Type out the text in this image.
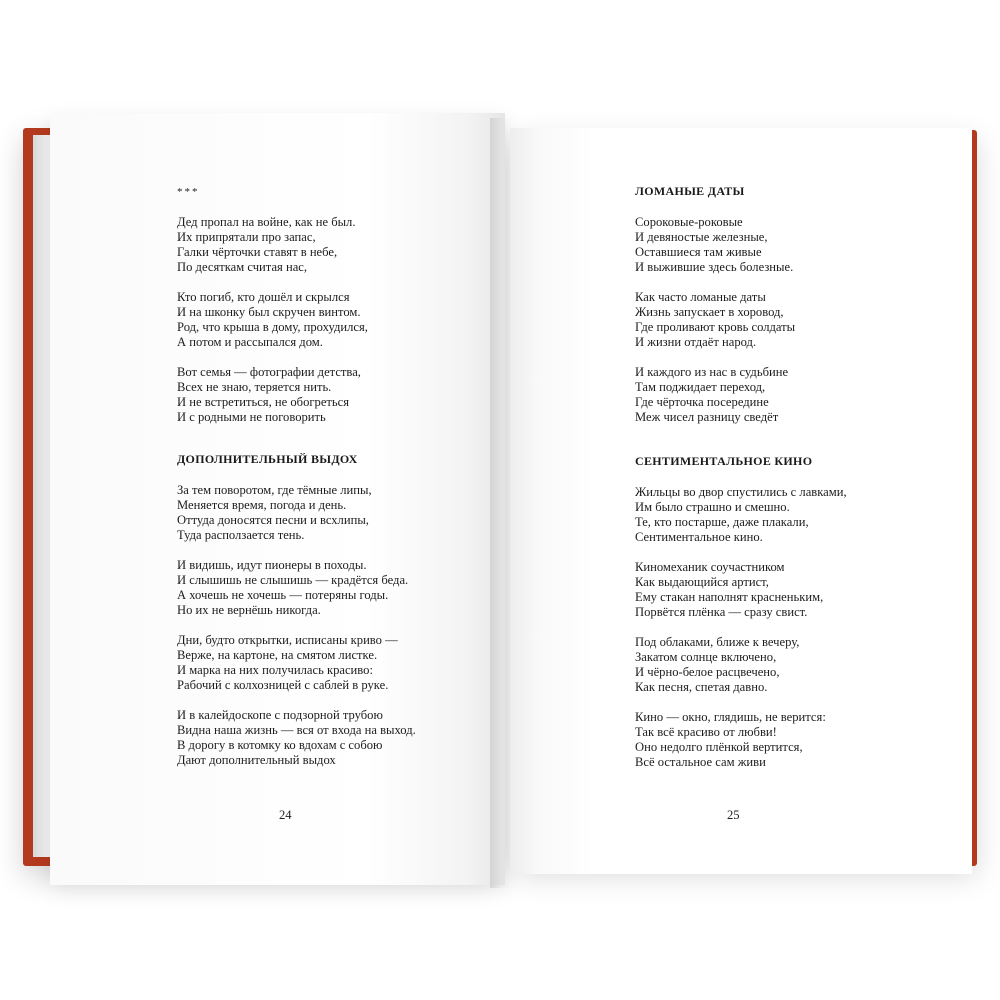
***
Дед пропал на войне, как не был.
Их припрятали про запас,
Галки чёрточки ставят в небе,
По десяткам считая нас,
Кто погиб, кто дошёл и скрылся
И на шконку был скручен винтом.
Род, что крыша в дому, прохудился,
А потом и рассыпался дом.
Вот семья — фотографии детства,
Всех не знаю, теряется нить.
И не встретиться, не обогреться
И с родными не поговорить
ДОПОЛНИТЕЛЬНЫЙ ВЫДОХ
За тем поворотом, где тёмные липы,
Меняется время, погода и день.
Оттуда доносятся песни и всхлипы,
Туда расползается тень.
И видишь, идут пионеры в походы.
И слышишь не слышишь — крадётся беда.
А хочешь не хочешь — потеряны годы.
Но их не вернёшь никогда.
Дни, будто открытки, исписаны криво —
Верже, на картоне, на смятом листке.
И марка на них получилась красиво:
Рабочий с колхозницей с саблей в руке.
И в калейдоскопе с подзорной трубою
Видна наша жизнь — вся от входа на выход.
В дорогу в котомку ко вдохам с собою
Дают дополнительный выдох
24
ЛОМАНЫЕ ДАТЫ
Сороковые-роковые
И девяностые железные,
Оставшиеся там живые
И выжившие здесь болезные.
Как часто ломаные даты
Жизнь запускает в хоровод,
Где проливают кровь солдаты
И жизни отдаёт народ.
И каждого из нас в судьбине
Там поджидает переход,
Где чёрточка посередине
Меж чисел разницу сведёт
СЕНТИМЕНТАЛЬНОЕ КИНО
Жильцы во двор спустились с лавками,
Им было страшно и смешно.
Те, кто постарше, даже плакали,
Сентиментальное кино.
Киномеханик соучастником
Как выдающийся артист,
Ему стакан наполнят красненьким,
Порвётся плёнка — сразу свист.
Под облаками, ближе к вечеру,
Закатом солнце включено,
И чёрно-белое расцвечено,
Как песня, спетая давно.
Кино — окно, глядишь, не верится:
Так всё красиво от любви!
Оно недолго плёнкой вертится,
Всё остальное сам живи
25
